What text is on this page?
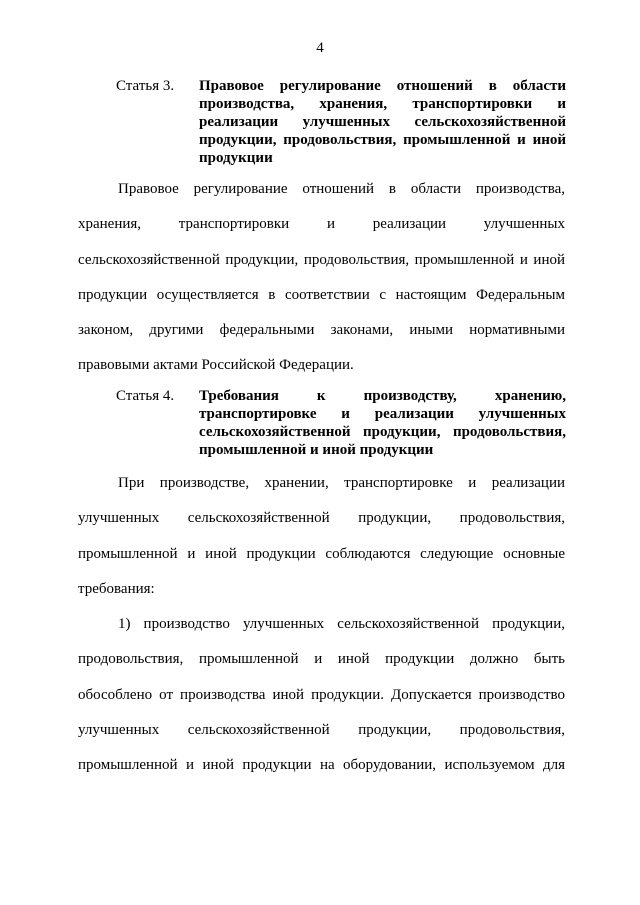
4
Статья 3.	Правовое регулирование отношений в области
производства, хранения, транспортировки и
реализации улучшенных сельскохозяйственной
продукции, продовольствия, промышленной и иной
продукции
Правовое регулирование отношений в области производства,
хранения, транспортировки и реализации улучшенных
сельскохозяйственной продукции, продовольствия, промышленной и иной
продукции осуществляется в соответствии с настоящим Федеральным
законом, другими федеральными законами, иными нормативными
правовыми актами Российской Федерации.
Статья 4.	Требования к производству, хранению,
транспортировке и реализации улучшенных
сельскохозяйственной продукции, продовольствия,
промышленной и иной продукции
При производстве, хранении, транспортировке и реализации
улучшенных сельскохозяйственной продукции, продовольствия,
промышленной и иной продукции соблюдаются следующие основные
требования:
1) производство улучшенных сельскохозяйственной продукции,
продовольствия, промышленной и иной продукции должно быть
обособлено от производства иной продукции. Допускается производство
улучшенных сельскохозяйственной продукции, продовольствия,
промышленной и иной продукции на оборудовании, используемом для
